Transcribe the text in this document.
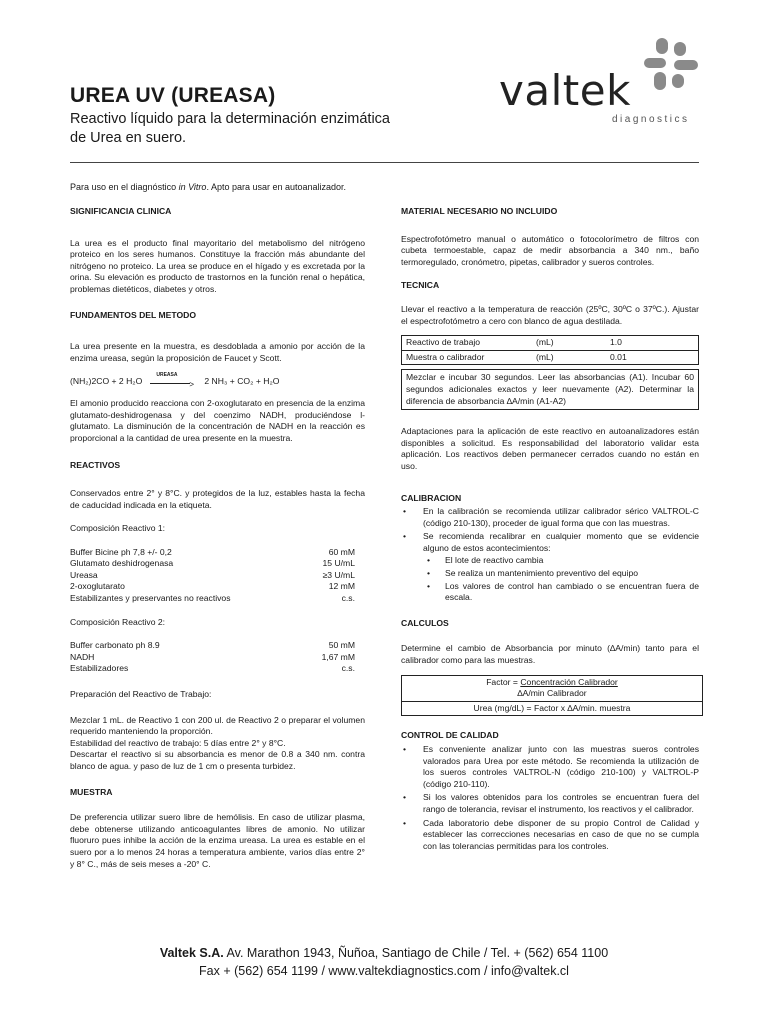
UREA UV (UREASA)
Reactivo líquido para la determinación enzimática de Urea en suero.
valtek
diagnostics
Para uso en el diagnóstico in Vitro. Apto para usar en autoanalizador.
SIGNIFICANCIA CLINICA
La urea es el producto final mayoritario del metabolismo del nitrógeno proteico en los seres humanos. Constituye la fracción más abundante del nitrógeno no proteico. La urea se produce en el hígado y es excretada por la orina. Su elevación es producto de trastornos en la función renal o hepática, problemas dietéticos, diabetes y otros.
FUNDAMENTOS DEL METODO
La urea presente en la muestra, es desdoblada a amonio por acción de la enzima ureasa, según la proposición de Faucet y Scott.
(NH₂)2CO + 2 H₂O
UREASA
> 2 NH₃ + CO₂ + H₂O
El amonio producido reacciona con 2-oxoglutarato en presencia de la enzima glutamato-deshidrogenasa y del coenzimo NADH, produciéndose l-glutamato. La disminución de la concentración de NADH en la reacción es proporcional a la cantidad de urea presente en la muestra.
REACTIVOS
Conservados entre 2° y 8°C. y protegidos de la luz, estables hasta la fecha de caducidad indicada en la etiqueta.
Composición Reactivo 1:
Buffer Bicine ph 7,8 +/- 0,2	60 mM
Glutamato deshidrogenasa	15 U/mL
Ureasa	≥3 U/mL
2-oxoglutarato	12 mM
Estabilizantes y preservantes no reactivos	c.s.
Composición Reactivo 2:
Buffer carbonato ph 8.9	50 mM
NADH	1,67 mM
Estabilizadores	c.s.
Preparación del Reactivo de Trabajo:
Mezclar 1 mL. de Reactivo 1 con 200 ul. de Reactivo 2 o preparar el volumen requerido manteniendo la proporción.
Estabilidad del reactivo de trabajo: 5 días entre 2° y 8°C.
Descartar el reactivo si su absorbancia es menor de 0.8 a 340 nm. contra blanco de agua. y paso de luz de 1 cm o presenta turbidez.
MUESTRA
De preferencia utilizar suero libre de hemólisis. En caso de utilizar plasma, debe obtenerse utilizando anticoagulantes libres de amonio. No utilizar fluoruro pues inhibe la acción de la enzima ureasa. La urea es estable en el suero por a lo menos 24 horas a temperatura ambiente, varios días entre 2° y 8° C., más de seis meses a -20° C.
MATERIAL NECESARIO NO INCLUIDO
Espectrofotómetro manual o automático o fotocolorímetro de filtros con cubeta termoestable, capaz de medir absorbancia a 340 nm., baño termoregulado, cronómetro, pipetas, calibrador y sueros controles.
TECNICA
Llevar el reactivo a la temperatura de reacción (25ºC, 30ºC o 37ºC.). Ajustar el espectrofotómetro a cero con blanco de agua destilada.
Reactivo de trabajo	(mL)	1.0
Muestra o calibrador	(mL)	0.01
Mezclar e incubar 30 segundos. Leer las absorbancias (A1). Incubar 60 segundos adicionales exactos y leer nuevamente (A2). Determinar la diferencia de absorbancia ∆A/min (A1-A2)
Adaptaciones para la aplicación de este reactivo en autoanalizadores están disponibles a solicitud. Es responsabilidad del laboratorio validar esta aplicación. Los reactivos deben permanecer cerrados cuando no están en uso.
CALIBRACION
• En la calibración se recomienda utilizar calibrador sérico VALTROL-C (código 210-130), proceder de igual forma que con las muestras.
• Se recomienda recalibrar en cualquier momento que se evidencie alguno de estos acontecimientos:
• El lote de reactivo cambia
• Se realiza un mantenimiento preventivo del equipo
• Los valores de control han cambiado o se encuentran fuera de escala.
CALCULOS
Determine el cambio de Absorbancia por minuto (∆A/min) tanto para el calibrador como para las muestras.
Factor = Concentración Calibrador
∆A/min Calibrador
Urea (mg/dL) = Factor x ∆A/min. muestra
CONTROL DE CALIDAD
• Es conveniente analizar junto con las muestras sueros controles valorados para Urea por este método. Se recomienda la utilización de los sueros controles VALTROL-N (código 210-100) y VALTROL-P (código 210-110).
• Si los valores obtenidos para los controles se encuentran fuera del rango de tolerancia, revisar el instrumento, los reactivos y el calibrador.
• Cada laboratorio debe disponer de su propio Control de Calidad y establecer las correcciones necesarias en caso de que no se cumpla con las tolerancias permitidas para los controles.
Valtek S.A. Av. Marathon 1943, Ñuñoa, Santiago de Chile / Tel. + (562) 654 1100
Fax + (562) 654 1199 / www.valtekdiagnostics.com / info@valtek.cl
